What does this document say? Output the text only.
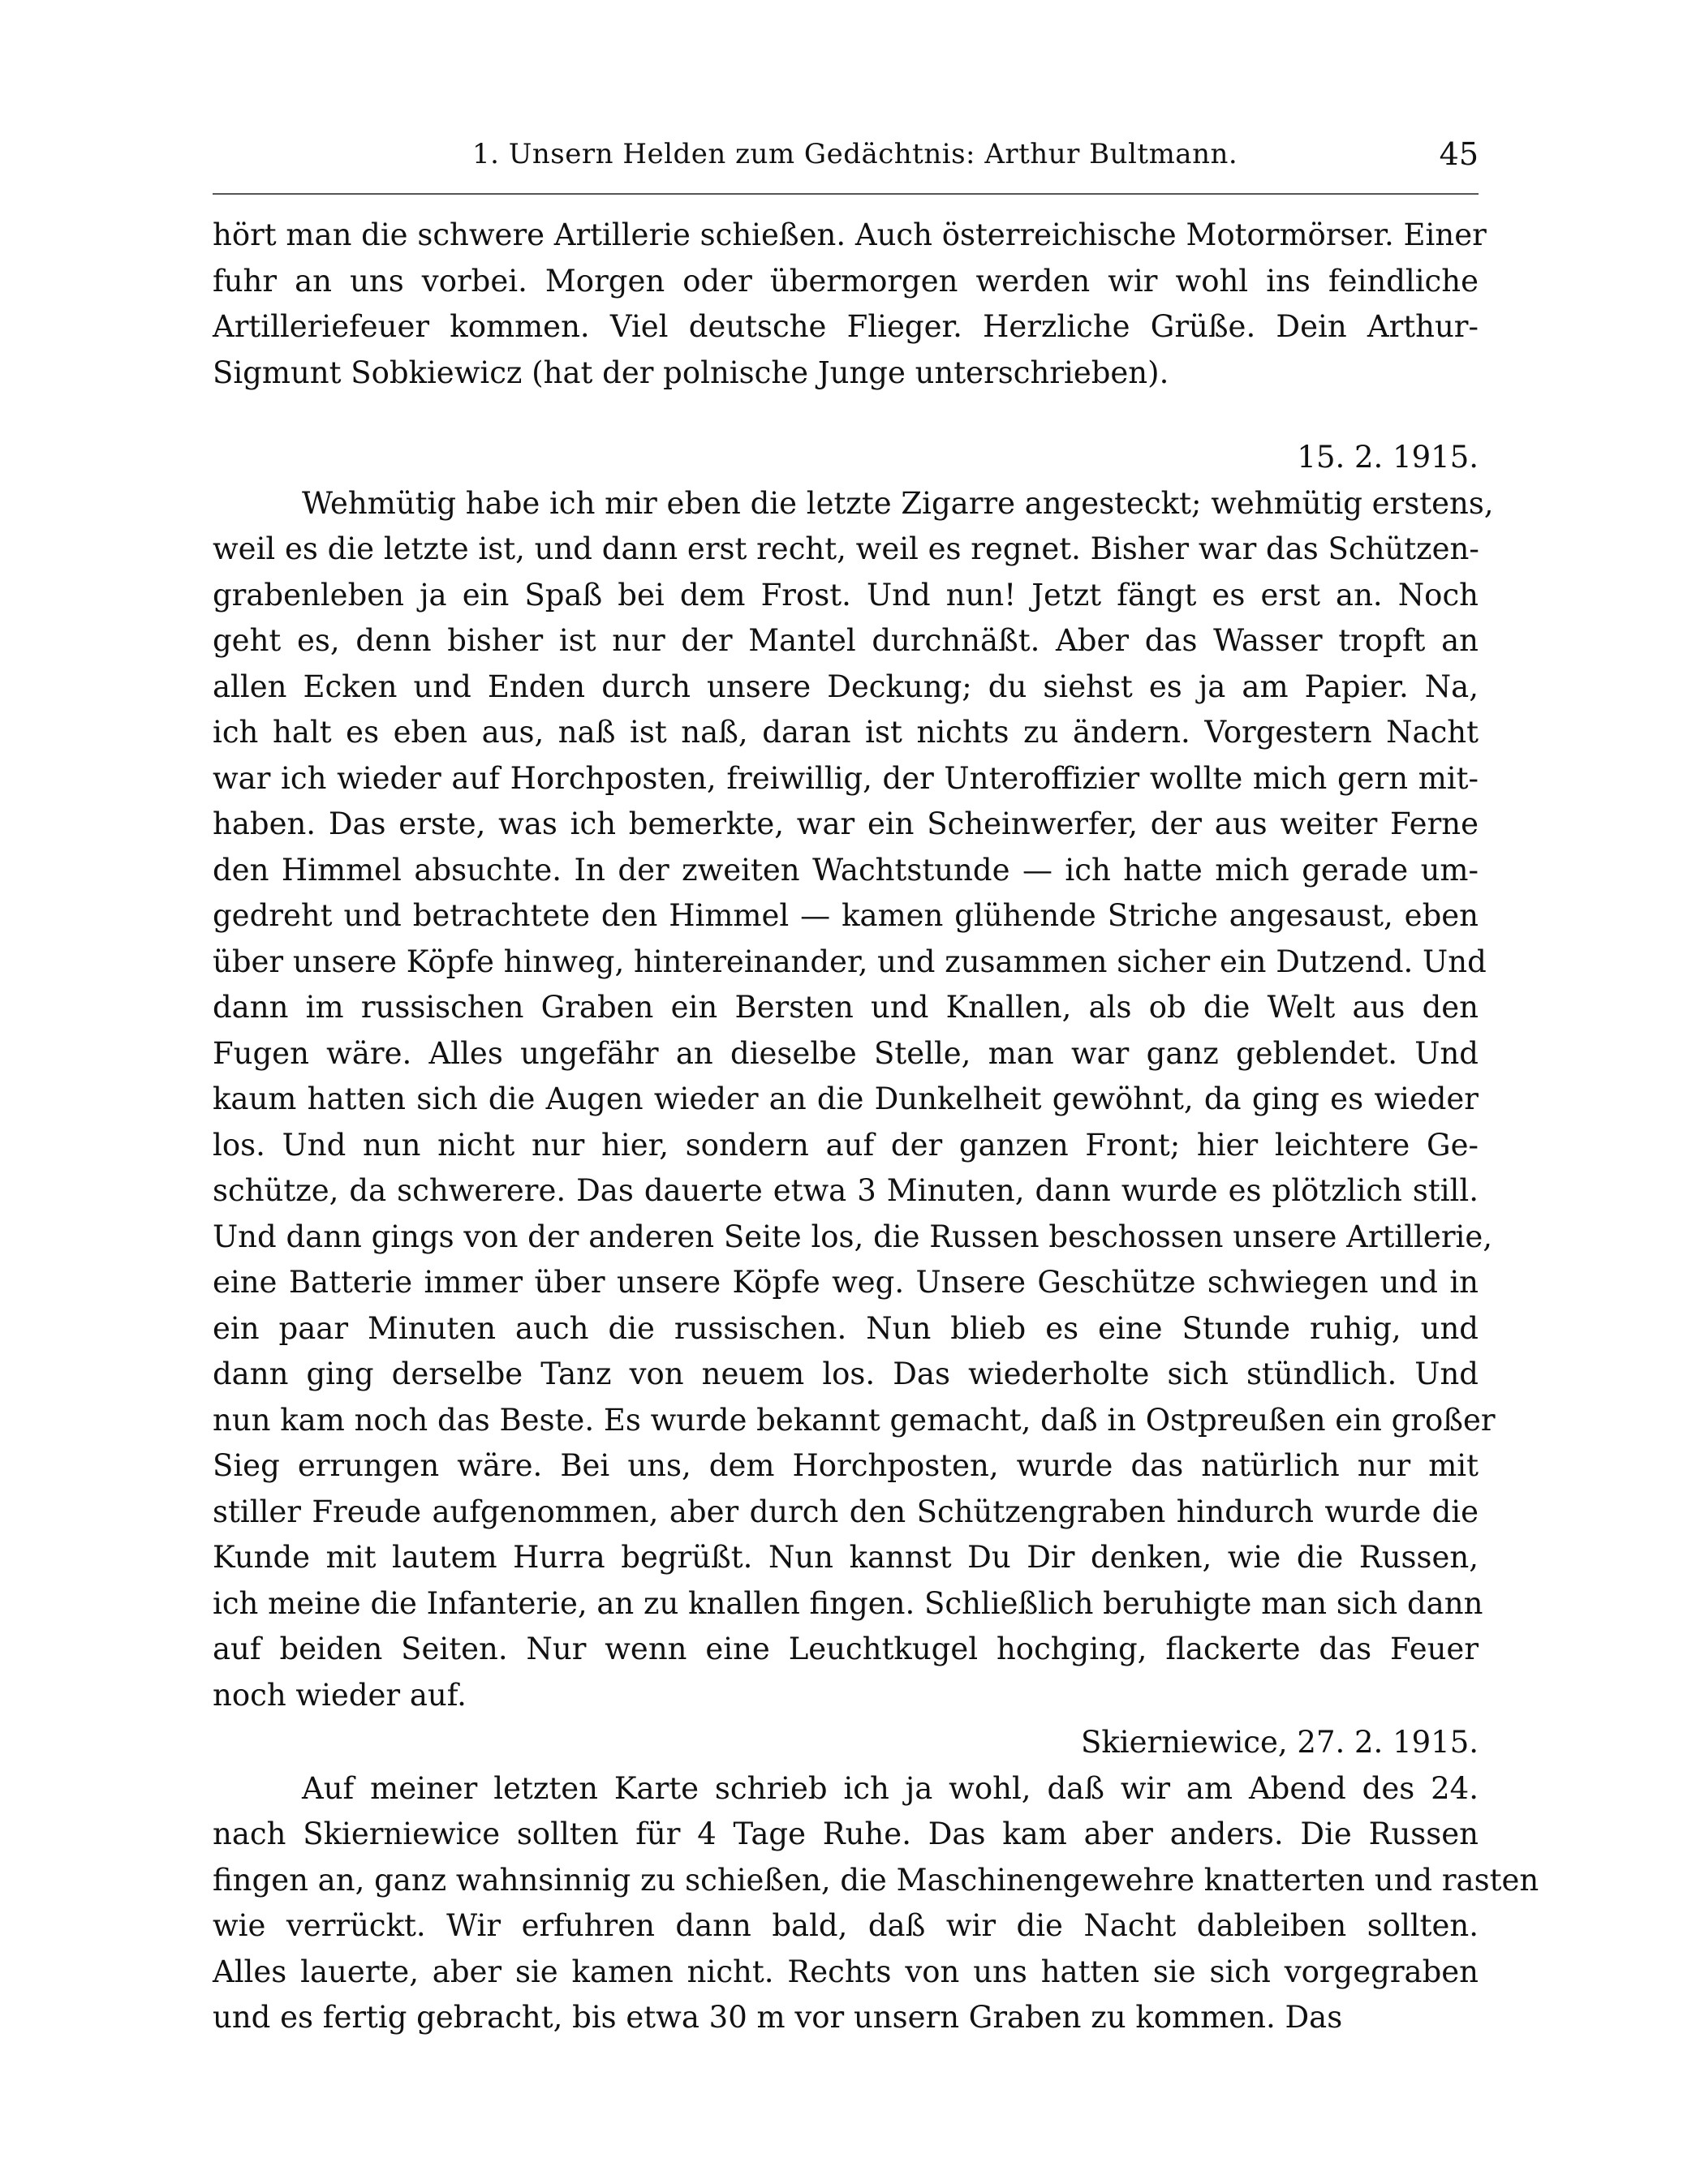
1. Unsern Helden zum Gedächtnis: Arthur Bultmann.	45
hört man die schwere Artillerie schießen. Auch österreichische Motormörser. Einer
fuhr an uns vorbei. Morgen oder übermorgen werden wir wohl ins feindliche
Artilleriefeuer kommen. Viel deutsche Flieger. Herzliche Grüße. Dein Arthur-
Sigmunt Sobkiewicz (hat der polnische Junge unterschrieben).

15. 2. 1915.

Wehmütig habe ich mir eben die letzte Zigarre angesteckt; wehmütig erstens,
weil es die letzte ist, und dann erst recht, weil es regnet. Bisher war das Schützen-
grabenleben ja ein Spaß bei dem Frost. Und nun! Jetzt fängt es erst an. Noch
geht es, denn bisher ist nur der Mantel durchnäßt. Aber das Wasser tropft an
allen Ecken und Enden durch unsere Deckung; du siehst es ja am Papier. Na,
ich halt es eben aus, naß ist naß, daran ist nichts zu ändern. Vorgestern Nacht
war ich wieder auf Horchposten, freiwillig, der Unteroffizier wollte mich gern mit-
haben. Das erste, was ich bemerkte, war ein Scheinwerfer, der aus weiter Ferne
den Himmel absuchte. In der zweiten Wachtstunde — ich hatte mich gerade um-
gedreht und betrachtete den Himmel — kamen glühende Striche angesaust, eben
über unsere Köpfe hinweg, hintereinander, und zusammen sicher ein Dutzend. Und
dann im russischen Graben ein Bersten und Knallen, als ob die Welt aus den
Fugen wäre. Alles ungefähr an dieselbe Stelle, man war ganz geblendet. Und
kaum hatten sich die Augen wieder an die Dunkelheit gewöhnt, da ging es wieder
los. Und nun nicht nur hier, sondern auf der ganzen Front; hier leichtere Ge-
schütze, da schwerere. Das dauerte etwa 3 Minuten, dann wurde es plötzlich still.
Und dann gings von der anderen Seite los, die Russen beschossen unsere Artillerie,
eine Batterie immer über unsere Köpfe weg. Unsere Geschütze schwiegen und in
ein paar Minuten auch die russischen. Nun blieb es eine Stunde ruhig, und
dann ging derselbe Tanz von neuem los. Das wiederholte sich stündlich. Und
nun kam noch das Beste. Es wurde bekannt gemacht, daß in Ostpreußen ein großer
Sieg errungen wäre. Bei uns, dem Horchposten, wurde das natürlich nur mit
stiller Freude aufgenommen, aber durch den Schützengraben hindurch wurde die
Kunde mit lautem Hurra begrüßt. Nun kannst Du Dir denken, wie die Russen,
ich meine die Infanterie, an zu knallen fingen. Schließlich beruhigte man sich dann
auf beiden Seiten. Nur wenn eine Leuchtkugel hochging, flackerte das Feuer
noch wieder auf.

Skierniewice, 27. 2. 1915.

Auf meiner letzten Karte schrieb ich ja wohl, daß wir am Abend des 24.
nach Skierniewice sollten für 4 Tage Ruhe. Das kam aber anders. Die Russen
fingen an, ganz wahnsinnig zu schießen, die Maschinengewehre knatterten und rasten
wie verrückt. Wir erfuhren dann bald, daß wir die Nacht dableiben sollten.
Alles lauerte, aber sie kamen nicht. Rechts von uns hatten sie sich vorgegraben
und es fertig gebracht, bis etwa 30 m vor unsern Graben zu kommen. Das
